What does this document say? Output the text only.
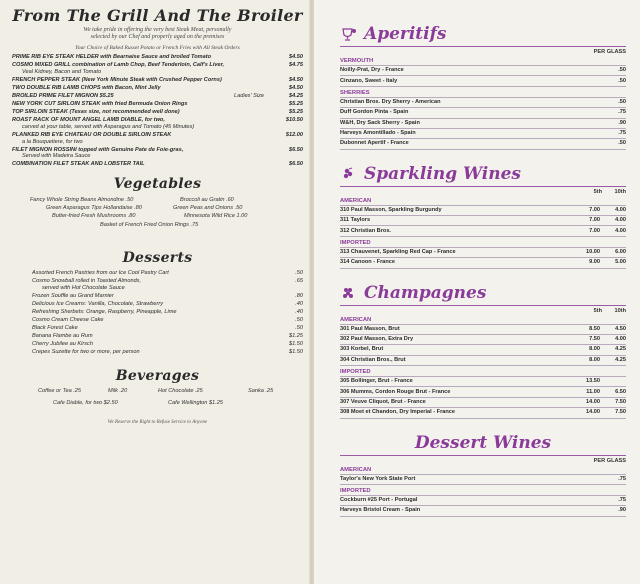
From The Grill And The Broiler
We take pride in offering the very best Steak Meat, personally
selected by our Chef and properly aged on the premises
Your Choice of Baked Russet Potato or French Fries with All Steak Orders
PRIME RIB EYE STEAK HELDER with Bearnaise Sauce and broiled Tomato	$4.50
COSMO MIXED GRILL combination of Lamb Chop, Beef Tenderloin, Calf's Liver,
Veal Kidney, Bacon and Tomato
$4.75
FRENCH PEPPER STEAK (New York Minute Steak with Crushed Pepper Corns)	$4.50
TWO DOUBLE RIB LAMB CHOPS with Bacon, Mint Jelly	$4.50
BROILED PRIME FILET MIGNON $5.25	Ladies' Size	$4.25
NEW YORK CUT SIRLOIN STEAK with fried Bermuda Onion Rings	$5.25
TOP SIRLOIN STEAK (Texas size, not recommended well done)	$5.25
ROAST RACK OF MOUNT ANGEL LAMB DIABLE, for two,
carved at your table, served with Asparagus and Tomato (45 Minutes)
$10.50
PLANKED RIB EYE CHATEAU OR DOUBLE SIRLOIN STEAK
a la Bouquetiere, for two
$12.00
FILET MIGNON ROSSINI topped with Genuine Pate de Foie-gras,
Served with Madeira Sauce
$6.50
COMBINATION FILET STEAK AND LOBSTER TAIL	$6.50
Vegetables
Fancy Whole String Beans Almondine .50	Broccoli au Gratin .60
Green Asparagus Tips Hollandaise .80	Green Peas and Onions .50
Butter-fried Fresh Mushrooms .80	Minnesota Wild Rice 1.00
Basket of French Fried Onion Rings .75
Desserts
Assorted French Pastries from our Ice Cool Pastry Cart	.50
Cosmo Snowball rolled in Toasted Almonds,
served with Hot Chocolate Sauce
.65
Frozen Souffle au Grand Marnier	.80
Delicious Ice Creams: Vanilla, Chocolate, Strawberry	.40
Refreshing Sherbets: Orange, Raspberry, Pineapple, Lime	.40
Cosmo Cream Cheese Cake	.50
Black Forest Cake	.50
Banana Flambe au Rum	$1.25
Cherry Jubilee au Kirsch	$1.50
Crepes Suzette for two or more, per person	$1.50
Beverages
Coffee or Tea .25	Milk .20	Hot Chocolate .25	Sanka .25
Cafe Diable, for two $2.50	Cafe Wellington $1.25
We Reserve the Right to Refuse Service to Anyone
Aperitifs
PER GLASS
VERMOUTH
Noilly-Prat, Dry - France	.50
Cinzano, Sweet - Italy	.50
SHERRIES
Christian Bros. Dry Sherry - American	.50
Duff Gordon Pinta - Spain	.75
W&H, Dry Sack Sherry - Spain	.90
Harveys Amontillado - Spain	.75
Dubonnet Apertif - France	.50
Sparkling Wines
5th 10th
AMERICAN
310 Paul Masson, Sparkling Burgundy	7.00	4.00
311 Taylors	7.00	4.00
312 Christian Bros.	7.00	4.00
IMPORTED
313 Chauvenet, Sparkling Red Cap - France	10.00	6.00
314 Canoon - France	9.00	5.00
Champagnes
5th 10th
AMERICAN
301 Paul Masson, Brut	8.50	4.50
302 Paul Masson, Extra Dry	7.50	4.00
303 Korbel, Brut	8.00	4.25
304 Christian Bros., Brut	8.00	4.25
IMPORTED
305 Bollinger, Brut - France	13.50
306 Mumms, Cordon Rouge Brut - France	11.00	6.50
307 Veuve Cliquot, Brut - France	14.00	7.50
308 Moet et Chandon, Dry Imperial - France	14.00	7.50
Dessert Wines
PER GLASS
AMERICAN
Taylor's New York State Port	.75
IMPORTED
Cockburn #25 Port - Portugal	.75
Harveys Bristol Cream - Spain	.90
